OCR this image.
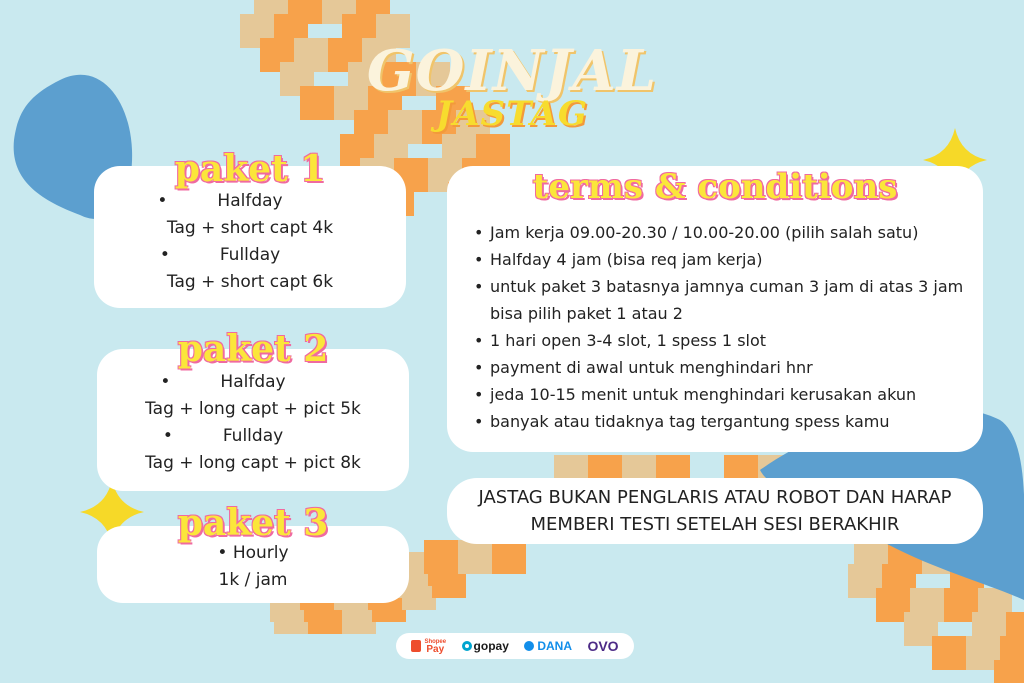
GOINJAL
JASTAG
•	Halfday
Tag + short capt 4k
•	Fullday
Tag + short capt 6k
paket 1
•	Halfday
Tag + long capt + pict 5k
•	Fullday
Tag + long capt + pict 8k
paket 2
• Hourly
1k / jam
paket 3
terms & conditions
• Jam kerja 09.00-20.30 / 10.00-20.00 (pilih salah satu)
• Halfday 4 jam (bisa req jam kerja)
• untuk paket 3 batasnya jamnya cuman 3 jam di atas 3 jam bisa pilih paket 1 atau 2
• 1 hari open 3-4 slot, 1 spess 1 slot
• payment di awal untuk menghindari hnr
• jeda 10-15 menit untuk menghindari kerusakan akun
• banyak atau tidaknya tag tergantung spess kamu
JASTAG BUKAN PENGLARIS ATAU ROBOT DAN HARAP
MEMBERI TESTI SETELAH SESI BERAKHIR
Shopee
Pay gopay DANA OVO
